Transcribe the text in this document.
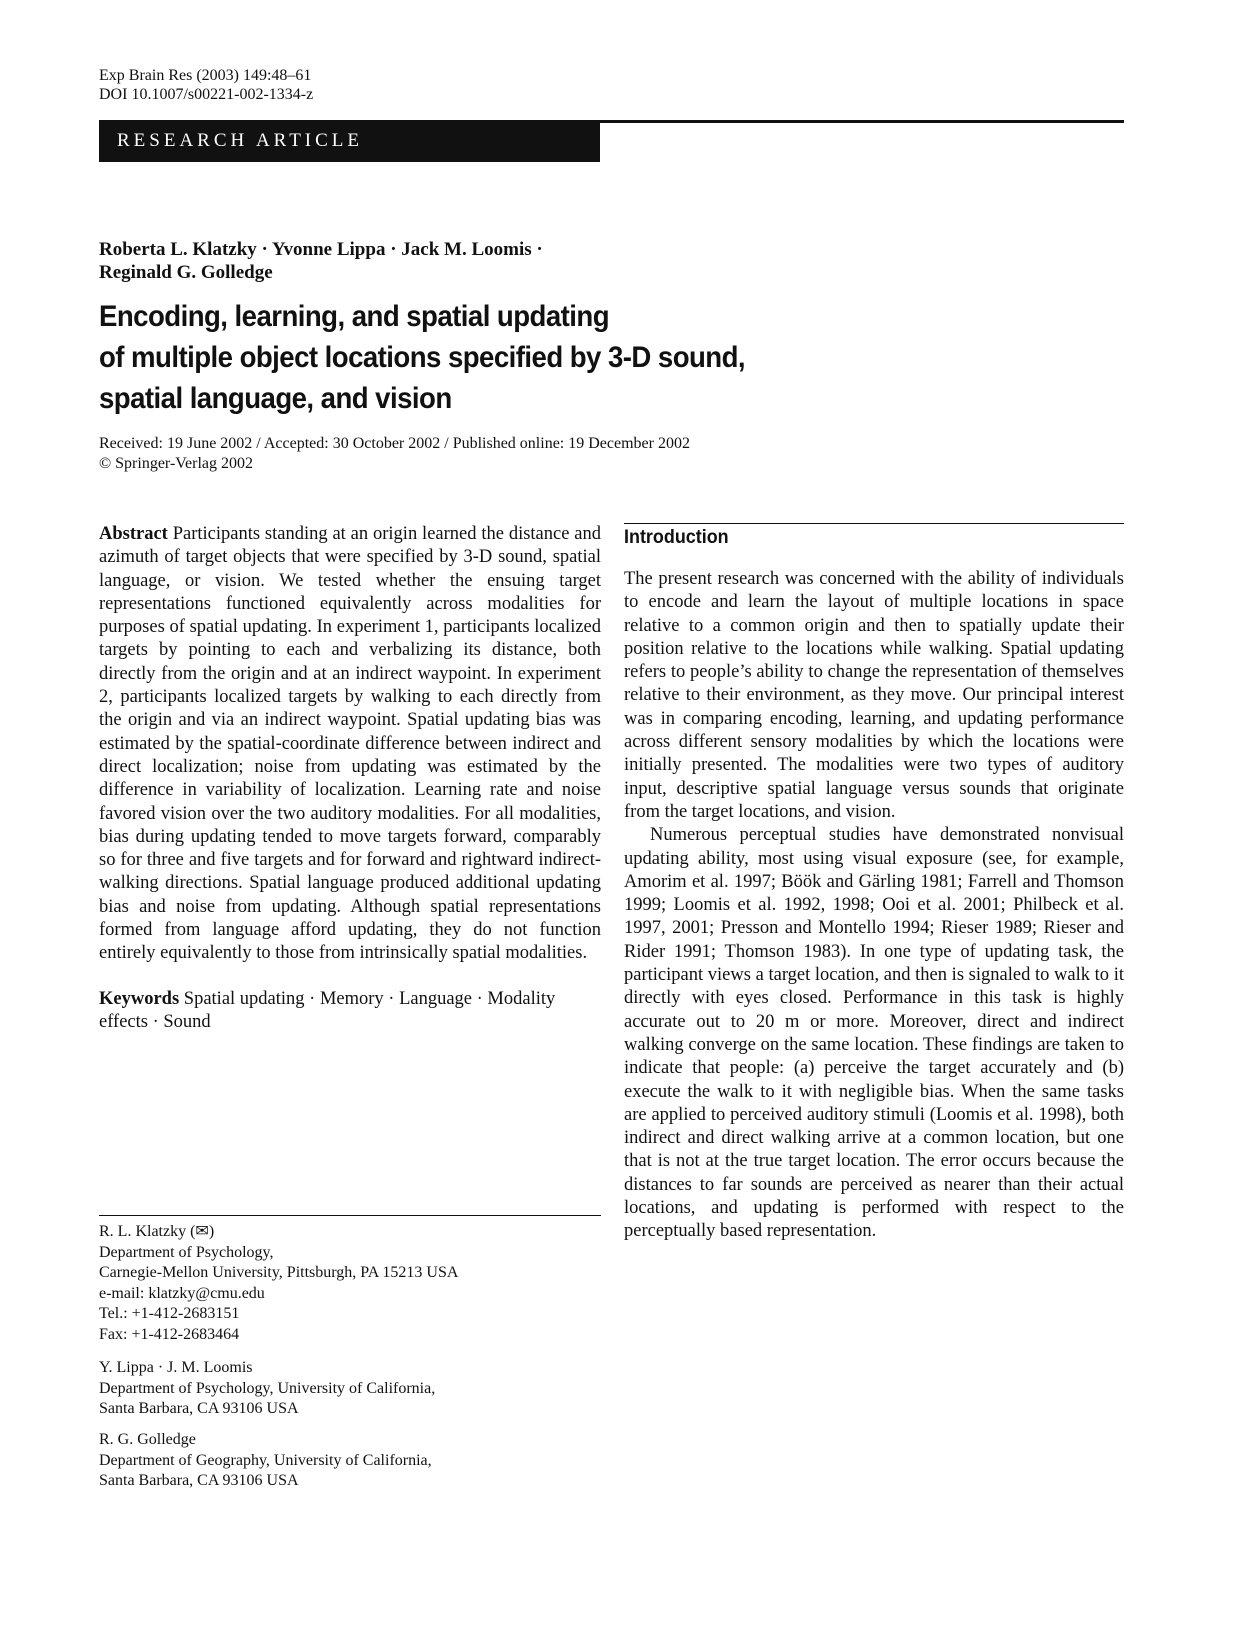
Exp Brain Res (2003) 149:48–61
DOI 10.1007/s00221-002-1334-z
RESEARCH ARTICLE
Roberta L. Klatzky · Yvonne Lippa · Jack M. Loomis ·
Reginald G. Golledge
Encoding, learning, and spatial updating
of multiple object locations specified by 3-D sound,
spatial language, and vision
Received: 19 June 2002 / Accepted: 30 October 2002 / Published online: 19 December 2002
© Springer-Verlag 2002

Abstract Participants standing at an origin learned the distance and azimuth of target objects that were specified by 3-D sound, spatial language, or vision. We tested whether the ensuing target representations functioned equivalently across modalities for purposes of spatial updating. In experiment 1, participants localized targets by pointing to each and verbalizing its distance, both directly from the origin and at an indirect waypoint. In experiment 2, participants localized targets by walking to each directly from the origin and via an indirect waypoint. Spatial updating bias was estimated by the spatial-coordinate difference between indirect and direct localization; noise from updating was estimated by the difference in variability of localization. Learning rate and noise favored vision over the two auditory modalities. For all modalities, bias during updating tended to move targets forward, comparably so for three and five targets and for forward and rightward indirect-walking directions. Spatial language produced additional updating bias and noise from updating. Although spatial representations formed from language afford updating, they do not function entirely equivalently to those from intrinsically spatial modalities.

Keywords Spatial updating · Memory · Language · Modality effects · Sound

R. L. Klatzky (✉)
Department of Psychology,
Carnegie-Mellon University, Pittsburgh, PA 15213 USA
e-mail: klatzky@cmu.edu
Tel.: +1-412-2683151
Fax: +1-412-2683464
Y. Lippa · J. M. Loomis
Department of Psychology, University of California,
Santa Barbara, CA 93106 USA
R. G. Golledge
Department of Geography, University of California,
Santa Barbara, CA 93106 USA
Introduction

The present research was concerned with the ability of individuals to encode and learn the layout of multiple locations in space relative to a common origin and then to spatially update their position relative to the locations while walking. Spatial updating refers to people’s ability to change the representation of themselves relative to their environment, as they move. Our principal interest was in comparing encoding, learning, and updating performance across different sensory modalities by which the locations were initially presented. The modalities were two types of auditory input, descriptive spatial language versus sounds that originate from the target locations, and vision.

Numerous perceptual studies have demonstrated nonvisual updating ability, most using visual exposure (see, for example, Amorim et al. 1997; Böök and Gärling 1981; Farrell and Thomson 1999; Loomis et al. 1992, 1998; Ooi et al. 2001; Philbeck et al. 1997, 2001; Presson and Montello 1994; Rieser 1989; Rieser and Rider 1991; Thomson 1983). In one type of updating task, the participant views a target location, and then is signaled to walk to it directly with eyes closed. Performance in this task is highly accurate out to 20 m or more. Moreover, direct and indirect walking converge on the same location. These findings are taken to indicate that people: (a) perceive the target accurately and (b) execute the walk to it with negligible bias. When the same tasks are applied to perceived auditory stimuli (Loomis et al. 1998), both indirect and direct walking arrive at a common location, but one that is not at the true target location. The error occurs because the distances to far sounds are perceived as nearer than their actual locations, and updating is performed with respect to the perceptually based representation.
